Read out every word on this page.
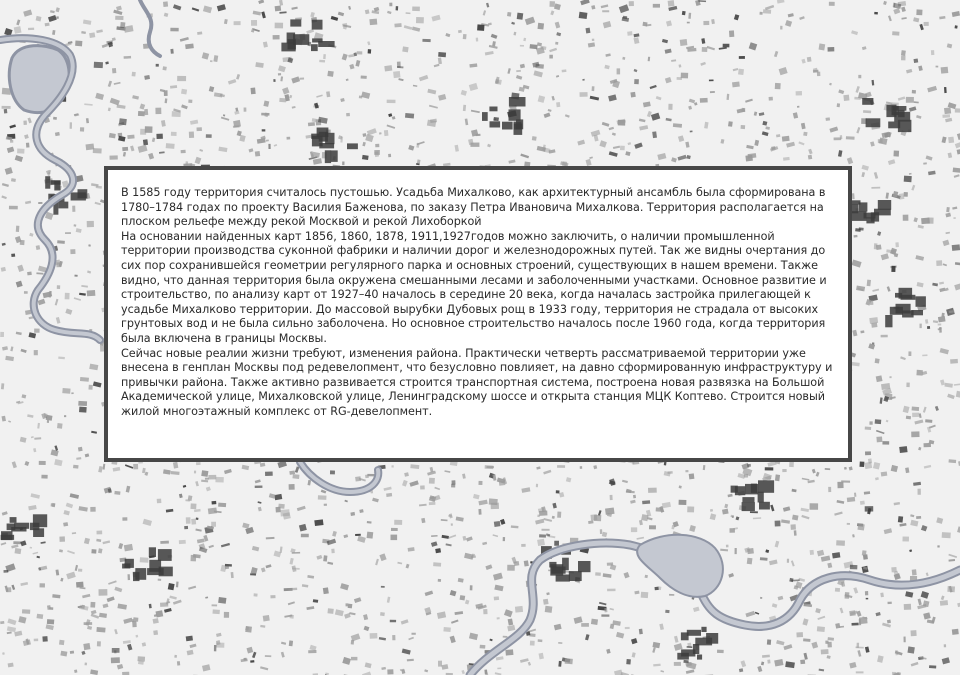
В 1585 году территория считалось пустошью. Усадьба Михалково, как архитектурный ансамбль была сформирована в 1780–1784 годах по проекту Василия Баженова, по заказу Петра Ивановича Михалкова. Территория располагается на плоском рельефе между рекой Москвой и рекой Лихоборкой

На основании найденных карт 1856, 1860, 1878, 1911,1927годов можно заключить, о наличии промышленной территории производства суконной фабрики и наличии дорог и железнодорожных путей. Так же видны очертания до сих пор сохранившейся геометрии регулярного парка и основных строений, существующих в нашем времени. Также видно, что данная территория была окружена смешанными лесами и заболоченными участками. Основное развитие и строительство, по анализу карт от 1927–40 началось в середине 20 века, когда началась застройка прилегающей к усадьбе Михалково территории. До массовой вырубки Дубовых рощ в 1933 году, территория не страдала от высоких грунтовых вод и не была сильно заболочена. Но основное строительство началось после 1960 года, когда территория была включена в границы Москвы.

Сейчас новые реалии жизни требуют, изменения района. Практически четверть рассматриваемой территории уже внесена в генплан Москвы под редевелопмент, что безусловно повлияет, на давно сформированную инфраструктуру и привычки района. Также активно развивается строится транспортная система, построена новая развязка на Большой Академической улице, Михалковской улице, Ленинградскому шоссе и открыта станция МЦК Коптево. Строится новый жилой многоэтажный комплекс от RG-девелопмент.
